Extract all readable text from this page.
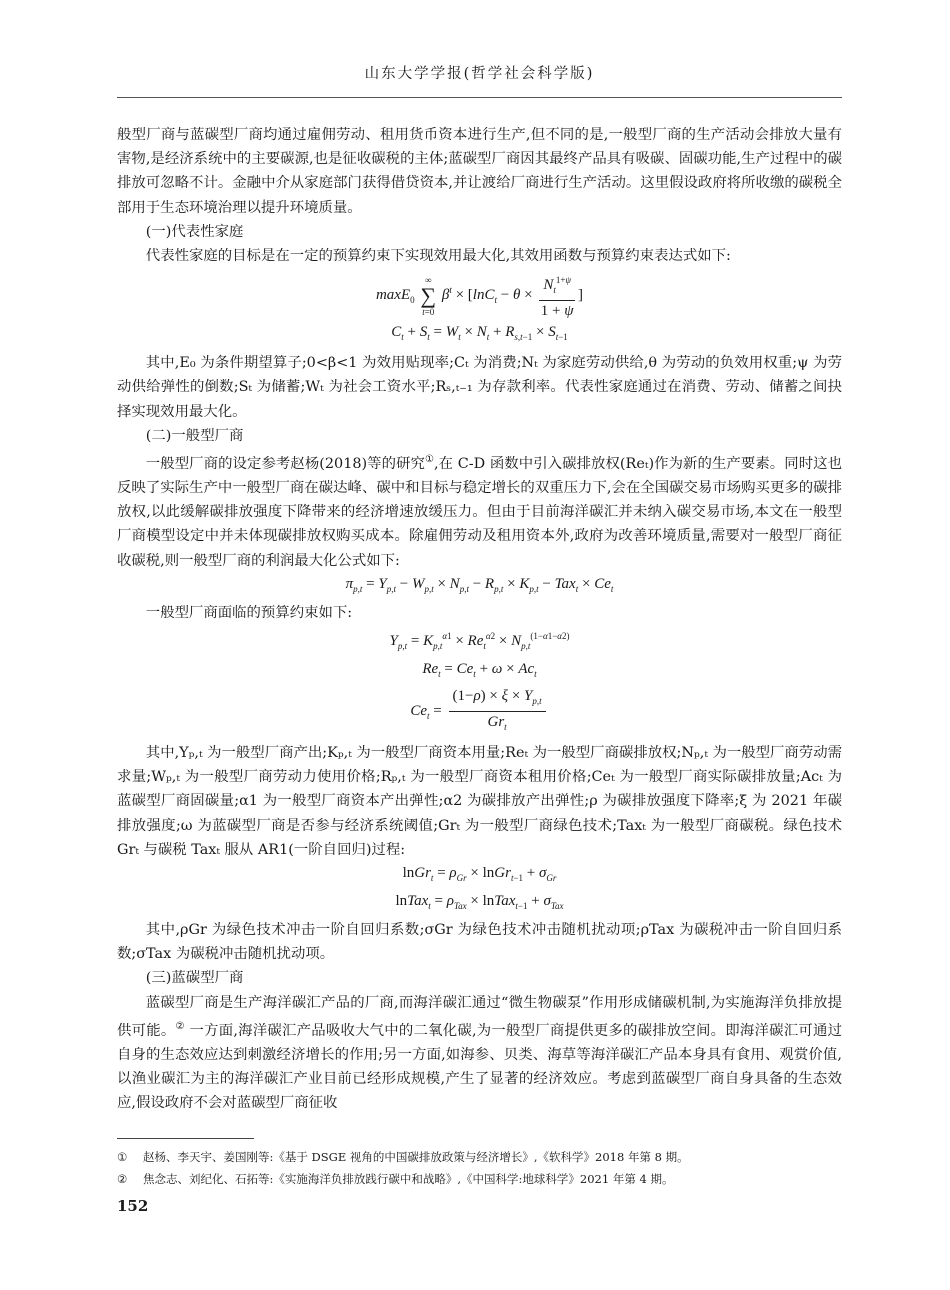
山东大学学报(哲学社会科学版)

般型厂商与蓝碳型厂商均通过雇佣劳动、租用货币资本进行生产,但不同的是,一般型厂商的生产活动会排放大量有害物,是经济系统中的主要碳源,也是征收碳税的主体;蓝碳型厂商因其最终产品具有吸碳、固碳功能,生产过程中的碳排放可忽略不计。金融中介从家庭部门获得借贷资本,并让渡给厂商进行生产活动。这里假设政府将所收缴的碳税全部用于生态环境治理以提升环境质量。

(一)代表性家庭

代表性家庭的目标是在一定的预算约束下实现效用最大化,其效用函数与预算约束表达式如下:

maxE$_0$
∞
∑
t=0
$\beta^t \times [\ln C_t - \theta \times \frac{N_t^{1+\psi}}{1 + \psi}$ ]
$C_t + S_t = W_t \times N_t + R_{s,t-1} \times S_{t-1}$

其中,E₀ 为条件期望算子;0<β<1 为效用贴现率;Cₜ 为消费;Nₜ 为家庭劳动供给,θ 为劳动的负效用权重;ψ 为劳动供给弹性的倒数;Sₜ 为储蓄;Wₜ 为社会工资水平;Rₛ,ₜ₋₁ 为存款利率。代表性家庭通过在消费、劳动、储蓄之间抉择实现效用最大化。

(二)一般型厂商

一般型厂商的设定参考赵杨(2018)等的研究①,在 C-D 函数中引入碳排放权(Reₜ)作为新的生产要素。同时这也反映了实际生产中一般型厂商在碳达峰、碳中和目标与稳定增长的双重压力下,会在全国碳交易市场购买更多的碳排放权,以此缓解碳排放强度下降带来的经济增速放缓压力。但由于目前海洋碳汇并未纳入碳交易市场,本文在一般型厂商模型设定中并未体现碳排放权购买成本。除雇佣劳动及租用资本外,政府为改善环境质量,需要对一般型厂商征收碳税,则一般型厂商的利润最大化公式如下:

$\pi_{p,t} = Y_{p,t} - W_{p,t} \times N_{p,t} - R_{p,t} \times K_{p,t} - Tax_t \times Ce_t$

一般型厂商面临的预算约束如下:

$Y_{p,t} = K_{p,t}^{\alpha 1} \times Re_t^{\alpha 2} \times N_{p,t}^{(1-\alpha 1-\alpha 2)}$
$Re_t = Ce_t + \omega \times Ac_t$
$Ce_t = \frac{(1-\rho) \times \xi \times Y_{p,t}}{Gr_t}$

其中,Yₚ,ₜ 为一般型厂商产出;Kₚ,ₜ 为一般型厂商资本用量;Reₜ 为一般型厂商碳排放权;Nₚ,ₜ 为一般型厂商劳动需求量;Wₚ,ₜ 为一般型厂商劳动力使用价格;Rₚ,ₜ 为一般型厂商资本租用价格;Ceₜ 为一般型厂商实际碳排放量;Acₜ 为蓝碳型厂商固碳量;α1 为一般型厂商资本产出弹性;α2 为碳排放产出弹性;ρ 为碳排放强度下降率;ξ 为 2021 年碳排放强度;ω 为蓝碳型厂商是否参与经济系统阈值;Grₜ 为一般型厂商绿色技术;Taxₜ 为一般型厂商碳税。绿色技术 Grₜ 与碳税 Taxₜ 服从 AR1(一阶自回归)过程:

lnGr$_t$ = $\rho_{Gr}$ × lnGr$_{t-1}$ + $\sigma_{Gr}$
lnTax$_t$ = $\rho_{Tax}$ × lnTax$_{t-1}$ + $\sigma_{Tax}$

其中,ρGr 为绿色技术冲击一阶自回归系数;σGr 为绿色技术冲击随机扰动项;ρTax 为碳税冲击一阶自回归系数;σTax 为碳税冲击随机扰动项。

(三)蓝碳型厂商

蓝碳型厂商是生产海洋碳汇产品的厂商,而海洋碳汇通过“微生物碳泵”作用形成储碳机制,为实施海洋负排放提供可能。② 一方面,海洋碳汇产品吸收大气中的二氧化碳,为一般型厂商提供更多的碳排放空间。即海洋碳汇可通过自身的生态效应达到刺激经济增长的作用;另一方面,如海参、贝类、海草等海洋碳汇产品本身具有食用、观赏价值,以渔业碳汇为主的海洋碳汇产业目前已经形成规模,产生了显著的经济效应。考虑到蓝碳型厂商自身具备的生态效应,假设政府不会对蓝碳型厂商征收

① 赵杨、李天宇、姜国刚等:《基于 DSGE 视角的中国碳排放政策与经济增长》,《软科学》2018 年第 8 期。
② 焦念志、刘纪化、石拓等:《实施海洋负排放践行碳中和战略》,《中国科学:地球科学》2021 年第 4 期。
152
